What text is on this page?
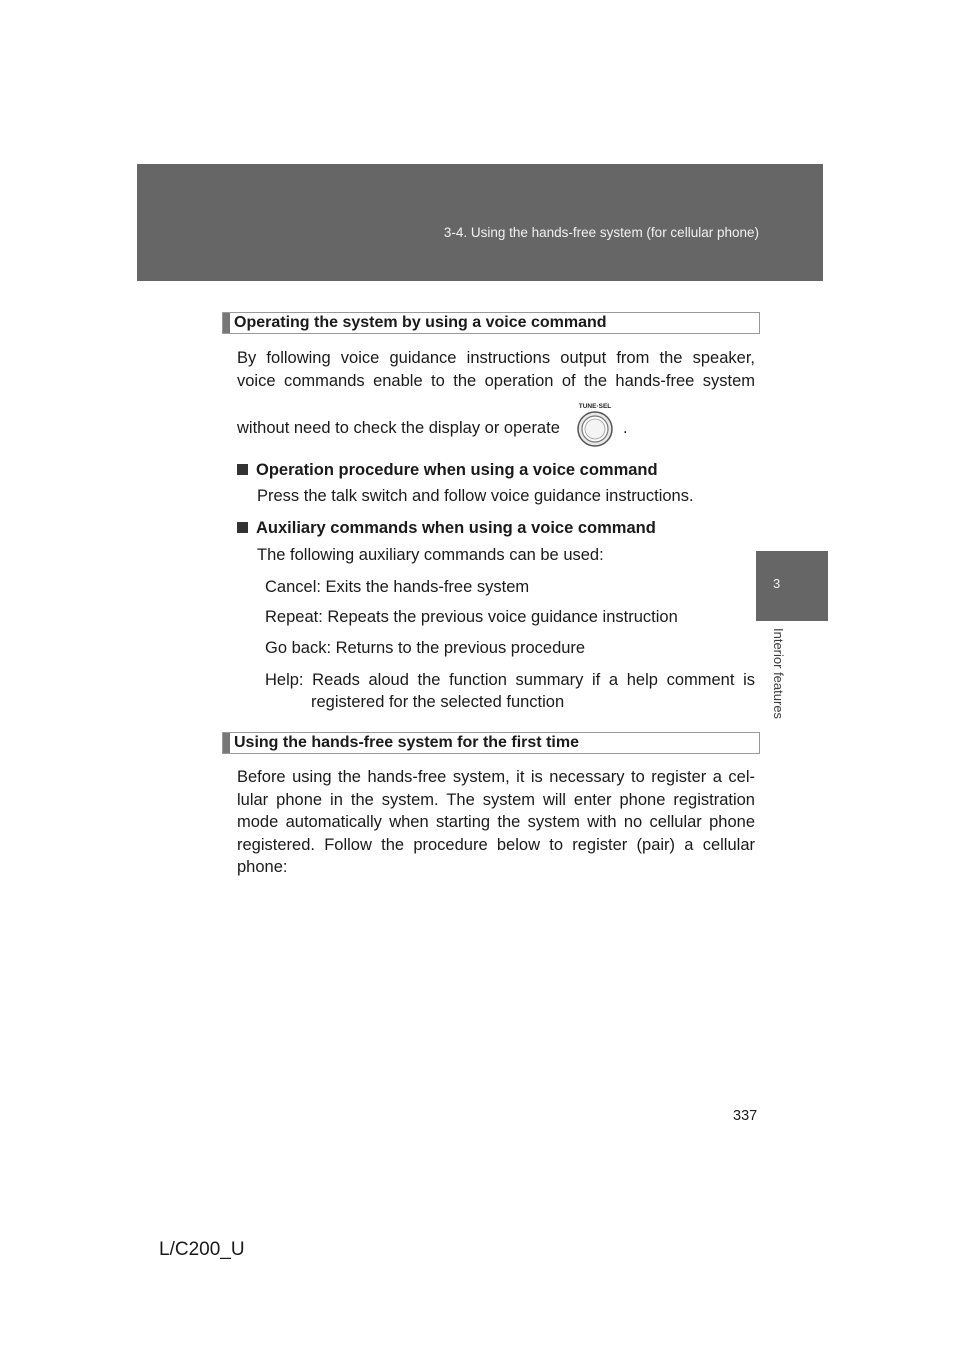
3-4. Using the hands-free system (for cellular phone)
3
Interior features
Operating the system by using a voice command
By following voice guidance instructions output from the speaker,
voice commands enable to the operation of the hands-free system
without need to check the display or operate
TUNE·SEL
.
Operation procedure when using a voice command
Press the talk switch and follow voice guidance instructions.
Auxiliary commands when using a voice command
The following auxiliary commands can be used:
Cancel: Exits the hands-free system
Repeat: Repeats the previous voice guidance instruction
Go back: Returns to the previous procedure
Help: Reads aloud the function summary if a help comment is
registered for the selected function
Using the hands-free system for the first time
Before using the hands-free system, it is necessary to register a cel-
lular phone in the system. The system will enter phone registration
mode automatically when starting the system with no cellular phone
registered. Follow the procedure below to register (pair) a cellular
phone:
337
L/C200_U
